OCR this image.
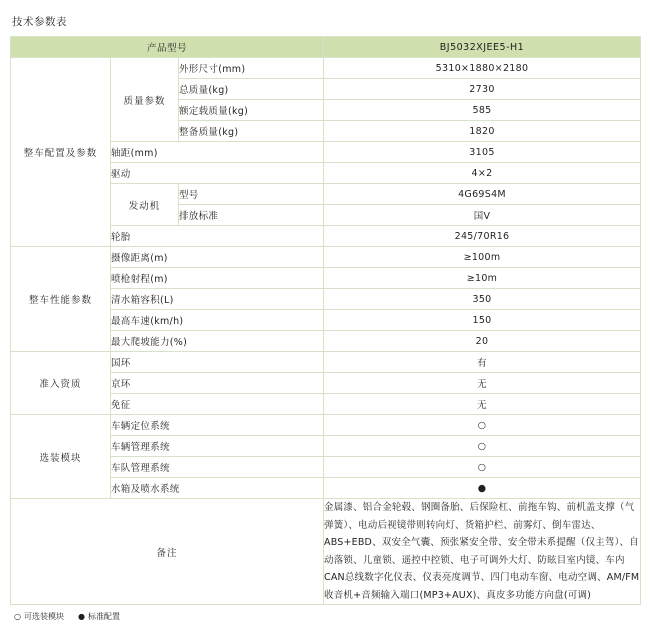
技术参数表
产品型号			BJ5032XJEE5-H1
整车配置及参数	质量参数	外形尺寸(mm)	5310×1880×2180
		总质量(kg)	2730
		额定载质量(kg)	585
		整备质量(kg)	1820
	轴距(mm)		3105
	驱动		4×2
	发动机	型号	4G69S4M
		排放标准	国V
	轮胎		245/70R16
整车性能参数	摄像距离(m)		≥100m
	喷枪射程(m)		≥10m
	清水箱容积(L)		350
	最高车速(km/h)		150
	最大爬坡能力(%)		20
准入资质	国环		有
	京环		无
	免征		无
选装模块	车辆定位系统		○
	车辆管理系统		○
	车队管理系统		○
	水箱及喷水系统		●
备注			金属漆、铝合金轮毂、钢圈备胎、后保险杠、前拖车钩、前机盖支撑（气弹簧）、电动后视镜带则转向灯、货箱护栏、前雾灯、倒车雷达、ABS+EBD、双安全气囊、预张紧安全带、安全带未系提醒（仅主驾）、自动落锁、儿童锁、遥控中控锁、电子可调外大灯、防眩目室内镜、车内CAN总线数字化仪表、仪表亮度调节、四门电动车窗、电动空调、AM/FM收音机+音频输入端口(MP3+AUX)、真皮多功能方向盘(可调)
○ 可选装模块 ● 标准配置
